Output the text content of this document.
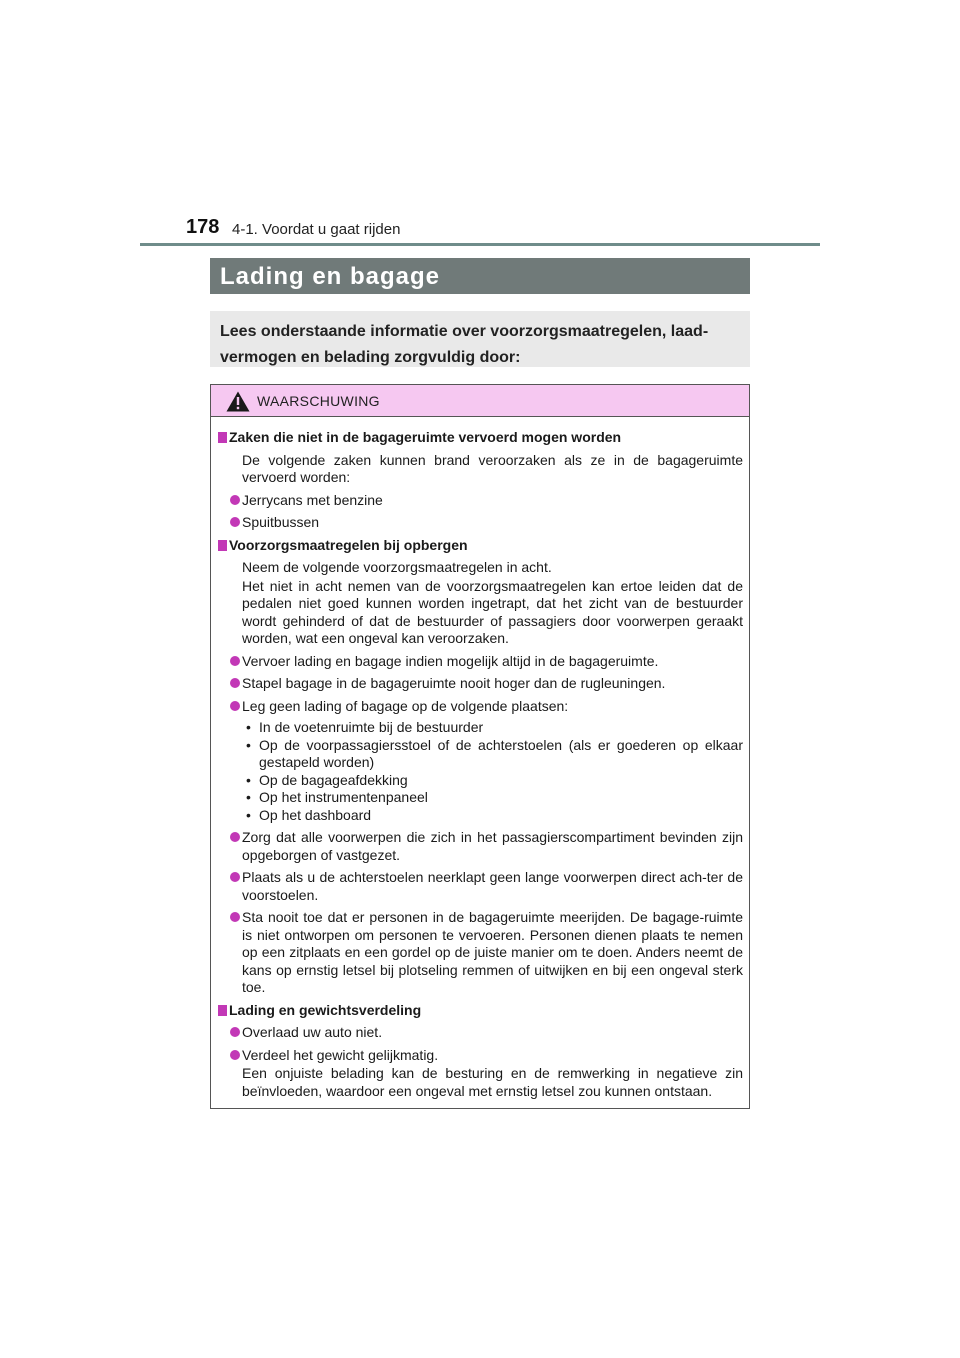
178 4-1. Voordat u gaat rijden
Lading en bagage
Lees onderstaande informatie over voorzorgsmaatregelen, laad-vermogen en belading zorgvuldig door:
WAARSCHUWING
Zaken die niet in de bagageruimte vervoerd mogen worden
De volgende zaken kunnen brand veroorzaken als ze in de bagageruimte vervoerd worden:
Jerrycans met benzine
Spuitbussen
Voorzorgsmaatregelen bij opbergen
Neem de volgende voorzorgsmaatregelen in acht.
Het niet in acht nemen van de voorzorgsmaatregelen kan ertoe leiden dat de pedalen niet goed kunnen worden ingetrapt, dat het zicht van de bestuurder wordt gehinderd of dat de bestuurder of passagiers door voorwerpen geraakt worden, wat een ongeval kan veroorzaken.
Vervoer lading en bagage indien mogelijk altijd in de bagageruimte.
Stapel bagage in de bagageruimte nooit hoger dan de rugleuningen.
Leg geen lading of bagage op de volgende plaatsen:
• In de voetenruimte bij de bestuurder
• Op de voorpassagiersstoel of de achterstoelen (als er goederen op elkaar gestapeld worden)
• Op de bagageafdekking
• Op het instrumentenpaneel
• Op het dashboard
Zorg dat alle voorwerpen die zich in het passagierscompartiment bevinden zijn opgeborgen of vastgezet.
Plaats als u de achterstoelen neerklapt geen lange voorwerpen direct ach-ter de voorstoelen.
Sta nooit toe dat er personen in de bagageruimte meerijden. De bagage-ruimte is niet ontworpen om personen te vervoeren. Personen dienen plaats te nemen op een zitplaats en een gordel op de juiste manier om te doen. Anders neemt de kans op ernstig letsel bij plotseling remmen of uitwijken en bij een ongeval sterk toe.
Lading en gewichtsverdeling
Overlaad uw auto niet.
Verdeel het gewicht gelijkmatig.
Een onjuiste belading kan de besturing en de remwerking in negatieve zin beïnvloeden, waardoor een ongeval met ernstig letsel zou kunnen ontstaan.
